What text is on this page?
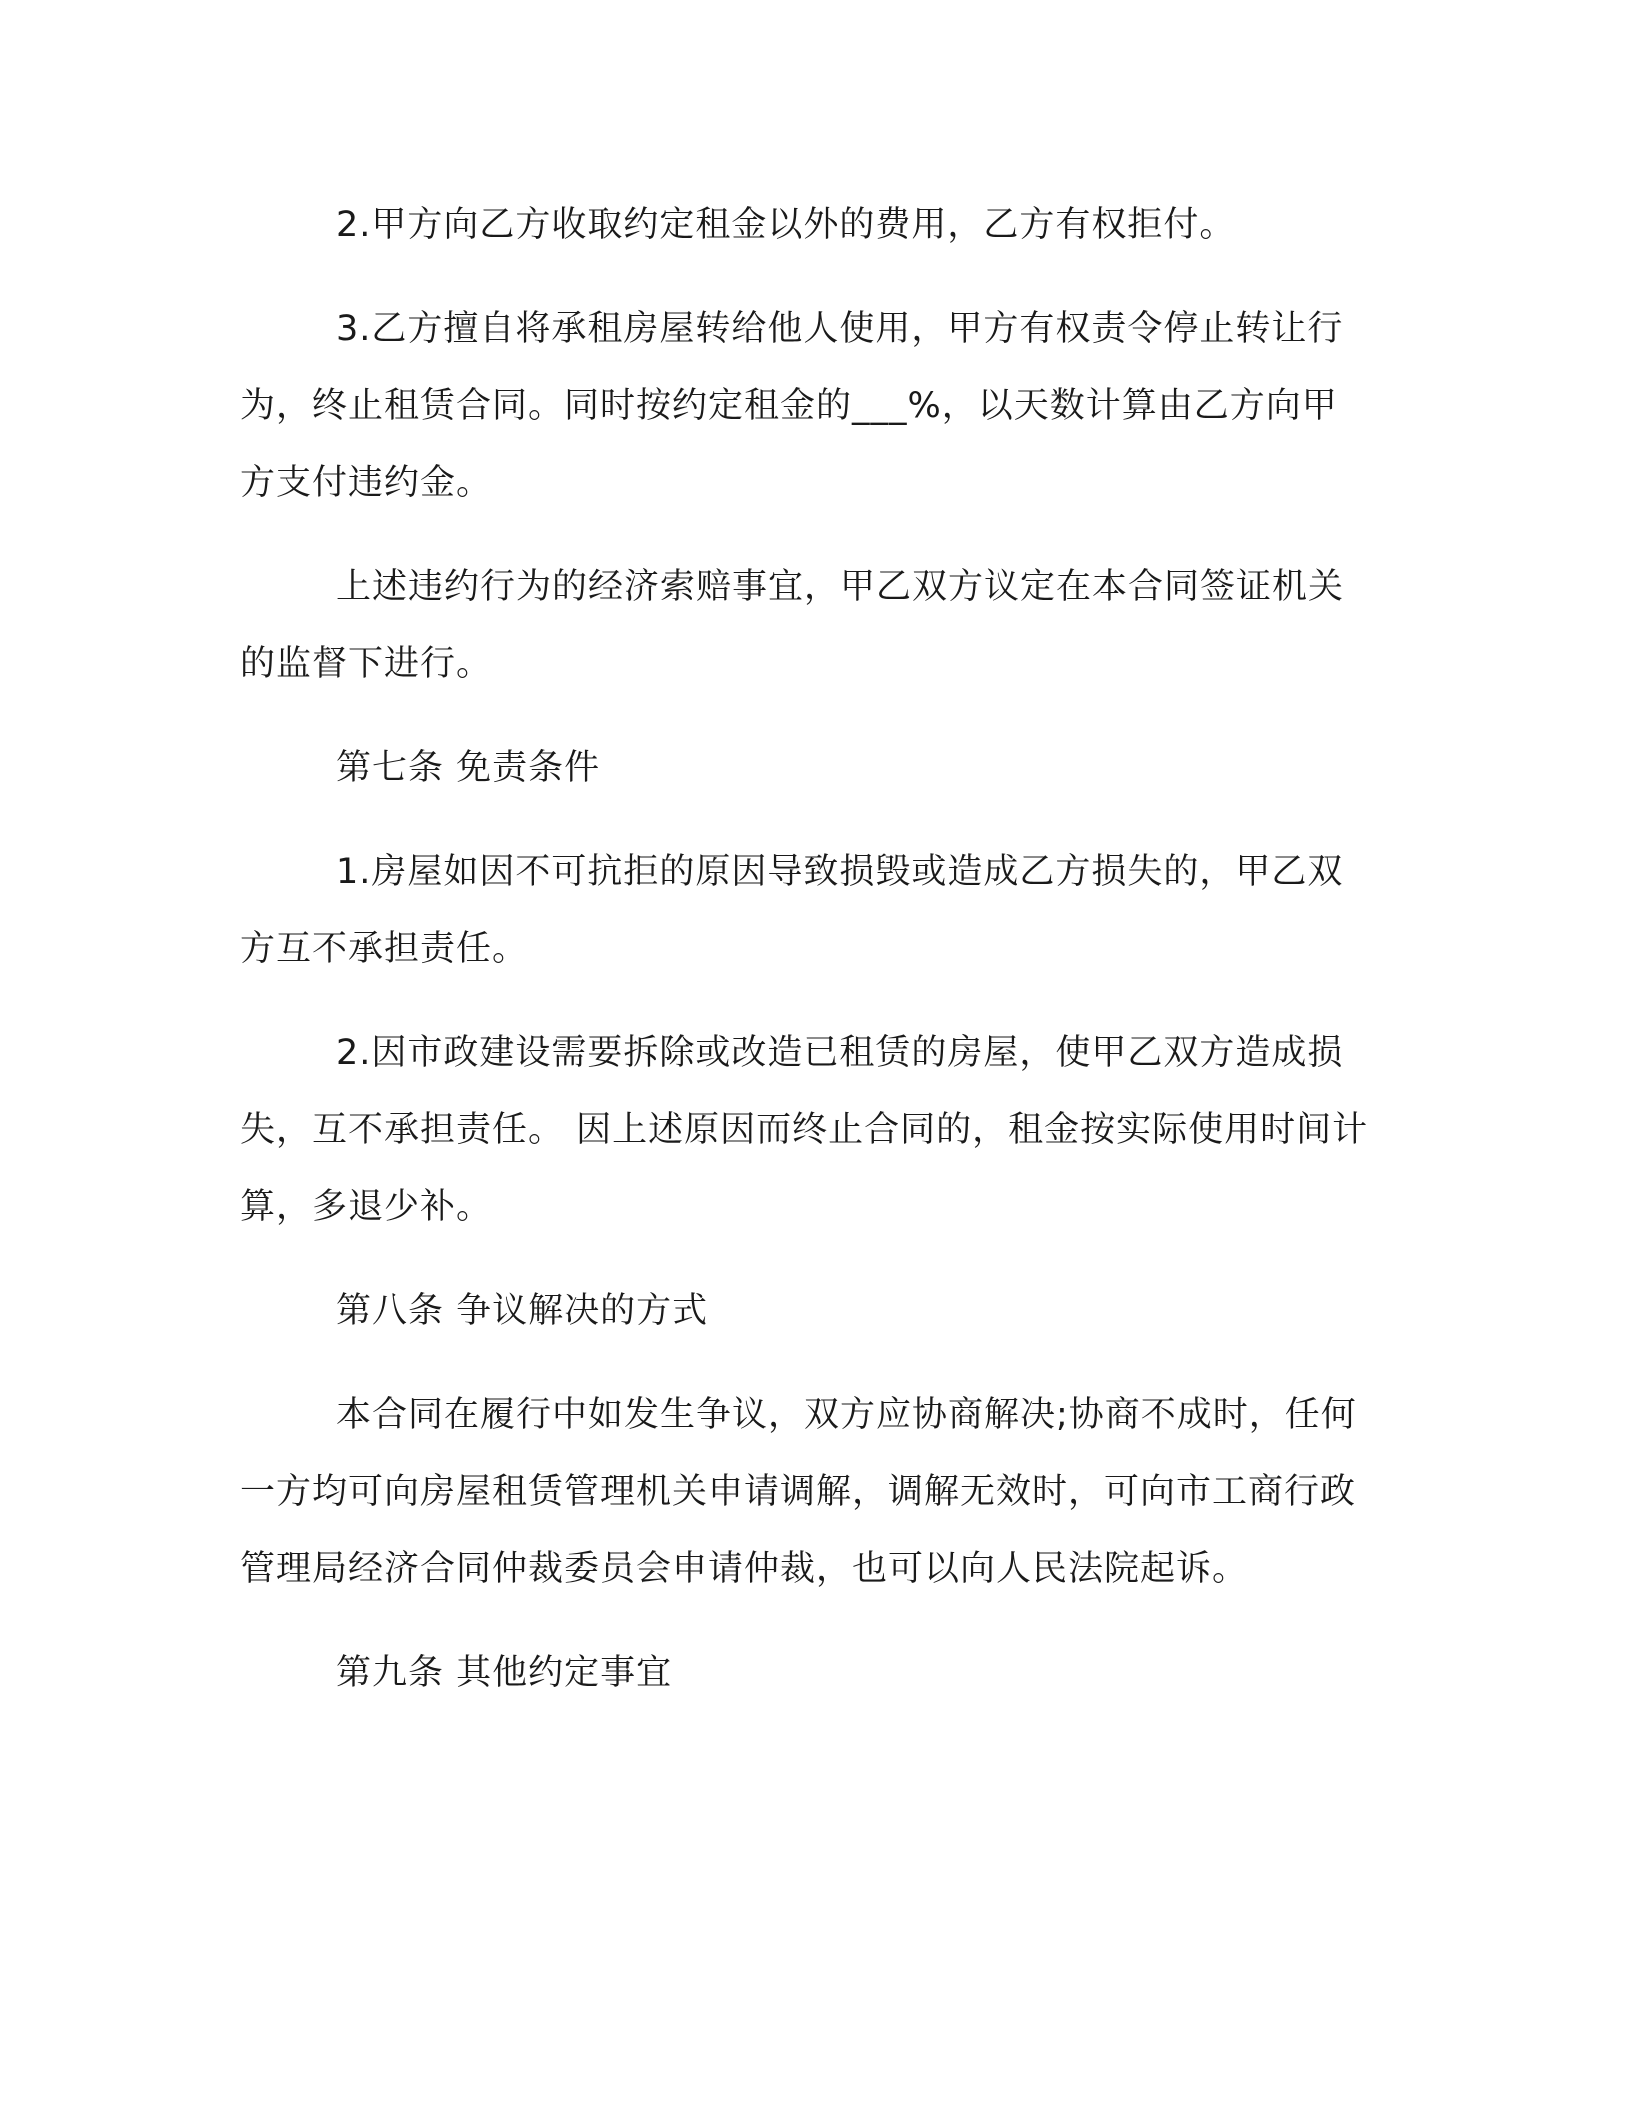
2.甲方向乙方收取约定租金以外的费用，乙方有权拒付。

3.乙方擅自将承租房屋转给他人使用，甲方有权责令停止转让行为，终止租赁合同。同时按约定租金的___%，以天数计算由乙方向甲方支付违约金。

上述违约行为的经济索赔事宜，甲乙双方议定在本合同签证机关的监督下进行。

第七条 免责条件

1.房屋如因不可抗拒的原因导致损毁或造成乙方损失的，甲乙双方互不承担责任。

2.因市政建设需要拆除或改造已租赁的房屋，使甲乙双方造成损失，互不承担责任。 因上述原因而终止合同的，租金按实际使用时间计算，多退少补。

第八条 争议解决的方式

本合同在履行中如发生争议，双方应协商解决;协商不成时，任何一方均可向房屋租赁管理机关申请调解，调解无效时，可向市工商行政管理局经济合同仲裁委员会申请仲裁，也可以向人民法院起诉。

第九条 其他约定事宜
